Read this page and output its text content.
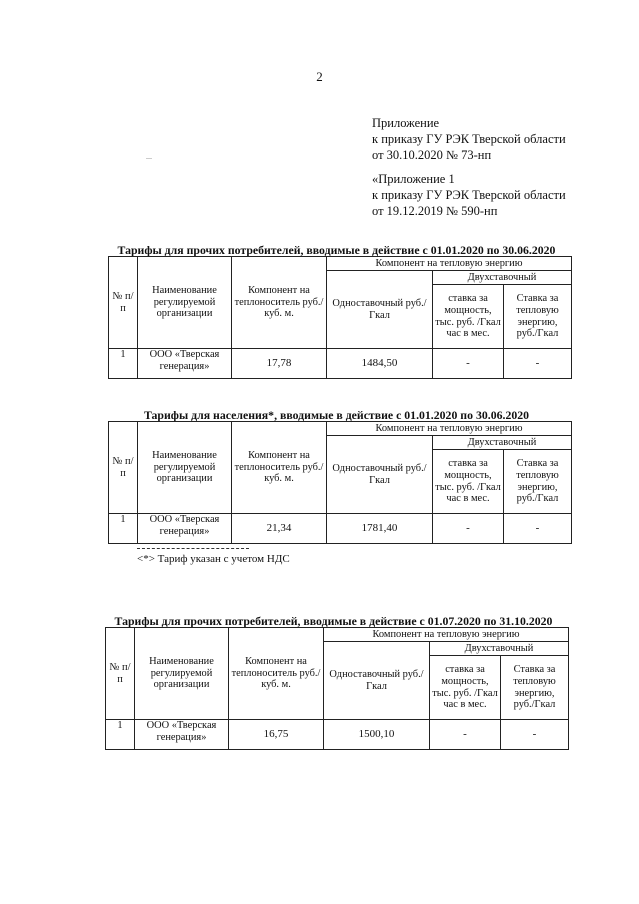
2
Приложение
к приказу ГУ РЭК Тверской области
от 30.10.2020 № 73-нп
«Приложение 1
к приказу ГУ РЭК Тверской области
от 19.12.2019 № 590-нп
Тарифы для прочих потребителей, вводимые в действие с 01.01.2020 по 30.06.2020
№ п/п	Наименование регулируемой организации	Компонент на теплоноситель руб./куб. м.	Компонент на тепловую энергию		
			Одноставочный руб./Гкал	Двухставочный	
				ставка за мощность, тыс. руб. /Гкал час в мес.	Ставка за тепловую энергию, руб./Гкал
1	ООО «Тверская генерация»	17,78	1484,50	-	-
Тарифы для населения*, вводимые в действие с 01.01.2020 по 30.06.2020
№ п/п	Наименование регулируемой организации	Компонент на теплоноситель руб./куб. м.	Компонент на тепловую энергию		
			Одноставочный руб./Гкал	Двухставочный	
				ставка за мощность, тыс. руб. /Гкал час в мес.	Ставка за тепловую энергию, руб./Гкал
1	ООО «Тверская генерация»	21,34	1781,40	-	-
<*> Тариф указан с учетом НДС
Тарифы для прочих потребителей, вводимые в действие с 01.07.2020 по 31.10.2020
№ п/п	Наименование регулируемой организации	Компонент на теплоноситель руб./куб. м.	Компонент на тепловую энергию		
			Одноставочный руб./Гкал	Двухставочный	
				ставка за мощность, тыс. руб. /Гкал час в мес.	Ставка за тепловую энергию, руб./Гкал
1	ООО «Тверская генерация»	16,75	1500,10	-	-
